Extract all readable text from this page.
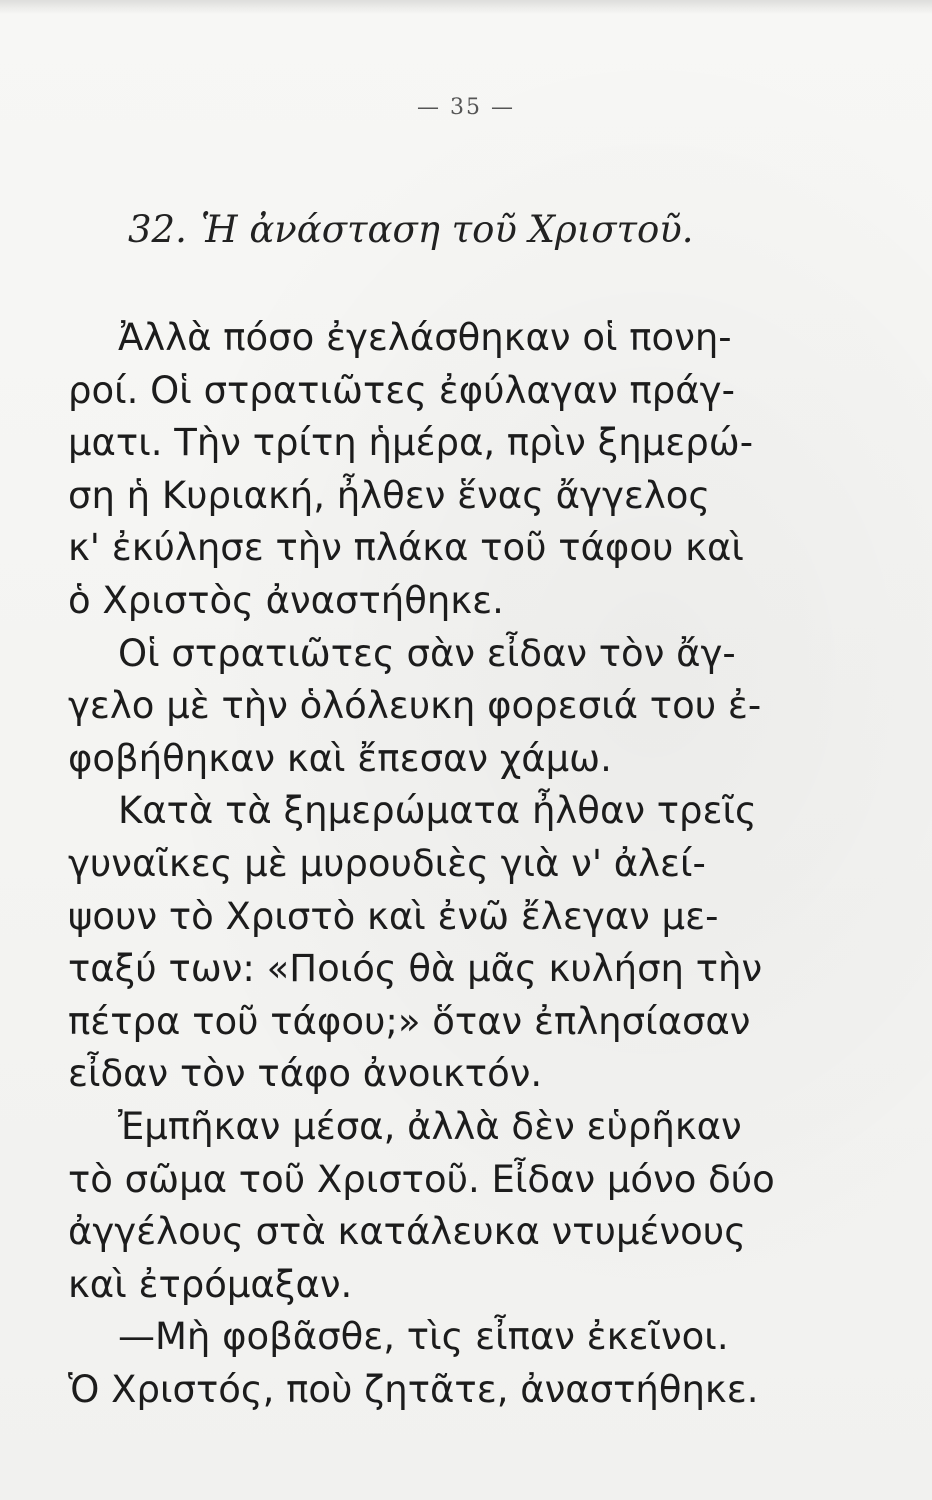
— 35 —
32. Ἡ ἀνάσταση τοῦ Χριστοῦ.
Ἀλλὰ πόσο ἐγελάσθηκαν οἱ πονη-
ροί. Οἱ στρατιῶτες ἐφύλαγαν πράγ-
ματι. Τὴν τρίτη ἡμέρα, πρὶν ξημερώ-
ση ἡ Κυριακή, ἦλθεν ἕνας ἄγγελος
κ' ἐκύλησε τὴν πλάκα τοῦ τάφου καὶ
ὁ Χριστὸς ἀναστήθηκε.
Οἱ στρατιῶτες σὰν εἶδαν τὸν ἄγ-
γελο μὲ τὴν ὁλόλευκη φορεσιά του ἐ-
φοβήθηκαν καὶ ἔπεσαν χάμω.
Κατὰ τὰ ξημερώματα ἦλθαν τρεῖς
γυναῖκες μὲ μυρουδιὲς γιὰ ν' ἀλεί-
ψουν τὸ Χριστὸ καὶ ἐνῶ ἔλεγαν με-
ταξύ των: «Ποιός θὰ μᾶς κυλήση τὴν
πέτρα τοῦ τάφου;» ὅταν ἐπλησίασαν
εἶδαν τὸν τάφο ἀνοικτόν.
Ἐμπῆκαν μέσα, ἀλλὰ δὲν εὑρῆκαν
τὸ σῶμα τοῦ Χριστοῦ. Εἶδαν μόνο δύο
ἀγγέλους στὰ κατάλευκα ντυμένους
καὶ ἐτρόμαξαν.
—Μὴ φοβᾶσθε, τὶς εἶπαν ἐκεῖνοι.
Ὁ Χριστός, ποὺ ζητᾶτε, ἀναστήθηκε.
